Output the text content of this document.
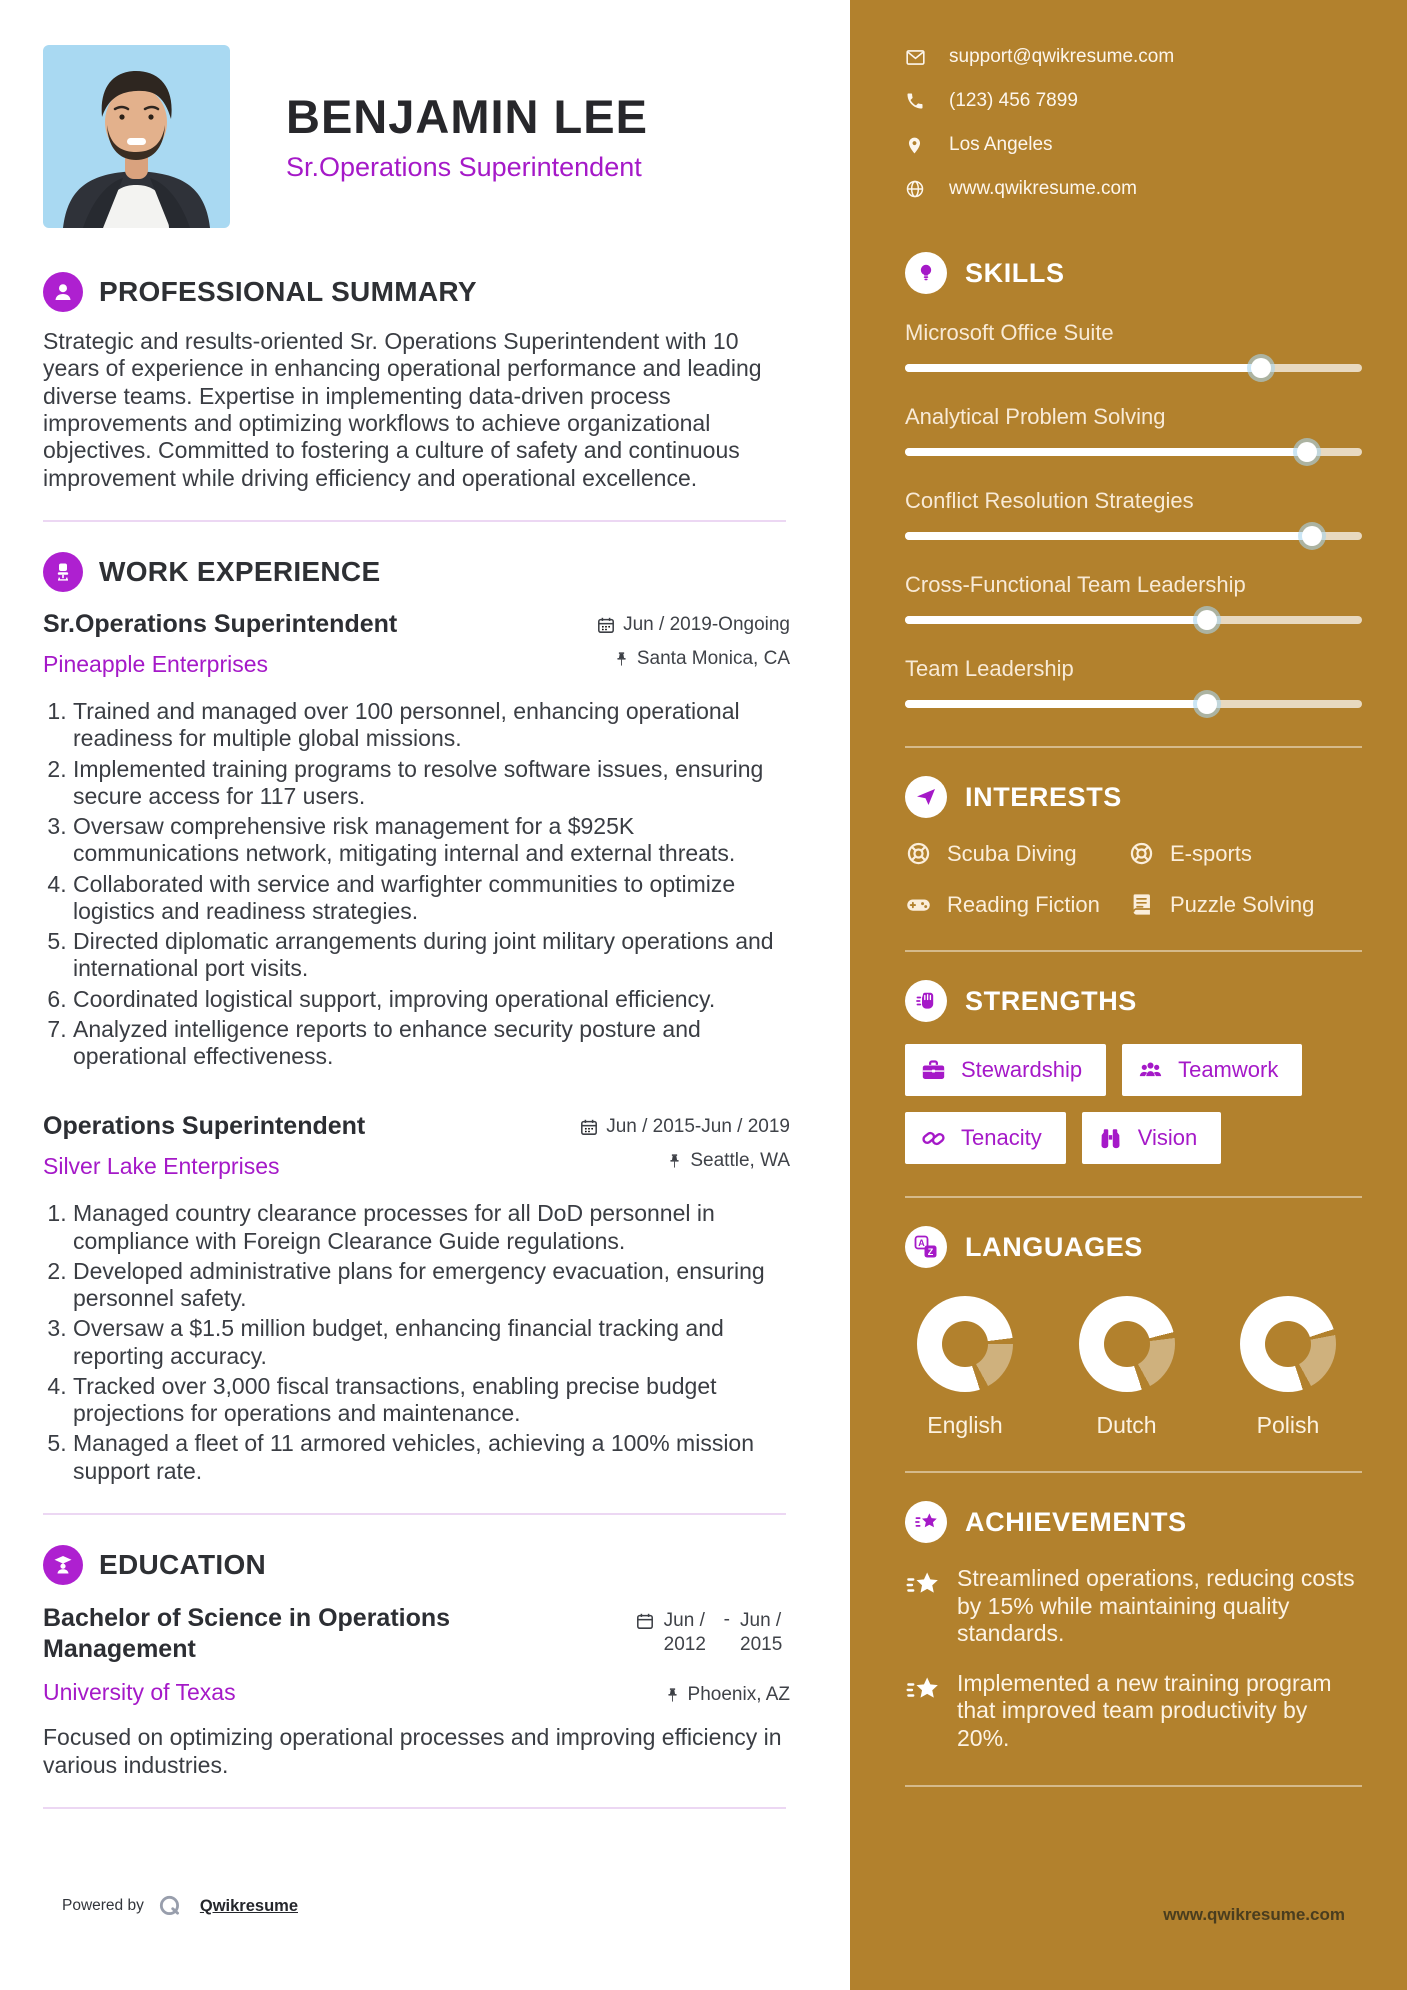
BENJAMIN LEE
Sr.Operations Superintendent
PROFESSIONAL SUMMARY

Strategic and results-oriented Sr. Operations Superintendent with 10 years of experience in enhancing operational performance and leading diverse teams. Expertise in implementing data-driven process improvements and optimizing workflows to achieve organizational objectives. Committed to fostering a culture of safety and continuous improvement while driving efficiency and operational excellence.

WORK EXPERIENCE
Sr.Operations Superintendent
Pineapple Enterprises
Jun / 2019-Ongoing
Santa Monica, CA
1. Trained and managed over 100 personnel, enhancing operational readiness for multiple global missions.
2. Implemented training programs to resolve software issues, ensuring secure access for 117 users.
3. Oversaw comprehensive risk management for a $925K communications network, mitigating internal and external threats.
4. Collaborated with service and warfighter communities to optimize logistics and readiness strategies.
5. Directed diplomatic arrangements during joint military operations and international port visits.
6. Coordinated logistical support, improving operational efficiency.
7. Analyzed intelligence reports to enhance security posture and operational effectiveness.
Operations Superintendent
Silver Lake Enterprises
Jun / 2015-Jun / 2019
Seattle, WA
1. Managed country clearance processes for all DoD personnel in compliance with Foreign Clearance Guide regulations.
2. Developed administrative plans for emergency evacuation, ensuring personnel safety.
3. Oversaw a $1.5 million budget, enhancing financial tracking and reporting accuracy.
4. Tracked over 3,000 fiscal transactions, enabling precise budget projections for operations and maintenance.
5. Managed a fleet of 11 armored vehicles, achieving a 100% mission support rate.
EDUCATION
Bachelor of Science in Operations Management
University of Texas
Jun / 2012
- Jun / 2015
Phoenix, AZ

Focused on optimizing operational processes and improving efficiency in various industries.

support@qwikresume.com
(123) 456 7899
Los Angeles
www.qwikresume.com
SKILLS
Microsoft Office Suite
Analytical Problem Solving
Conflict Resolution Strategies
Cross-Functional Team Leadership
Team Leadership
INTERESTS
Scuba Diving	E-sports
Reading Fiction	Puzzle Solving
STRENGTHS
Stewardship	Teamwork
Tenacity	Vision
A
Z LANGUAGES
English	Dutch	Polish
ACHIEVEMENTS
Streamlined operations, reducing costs by 15% while maintaining quality standards.
Implemented a new training program that improved team productivity by 20%.
Powered by	Qwikresume	www.qwikresume.com
